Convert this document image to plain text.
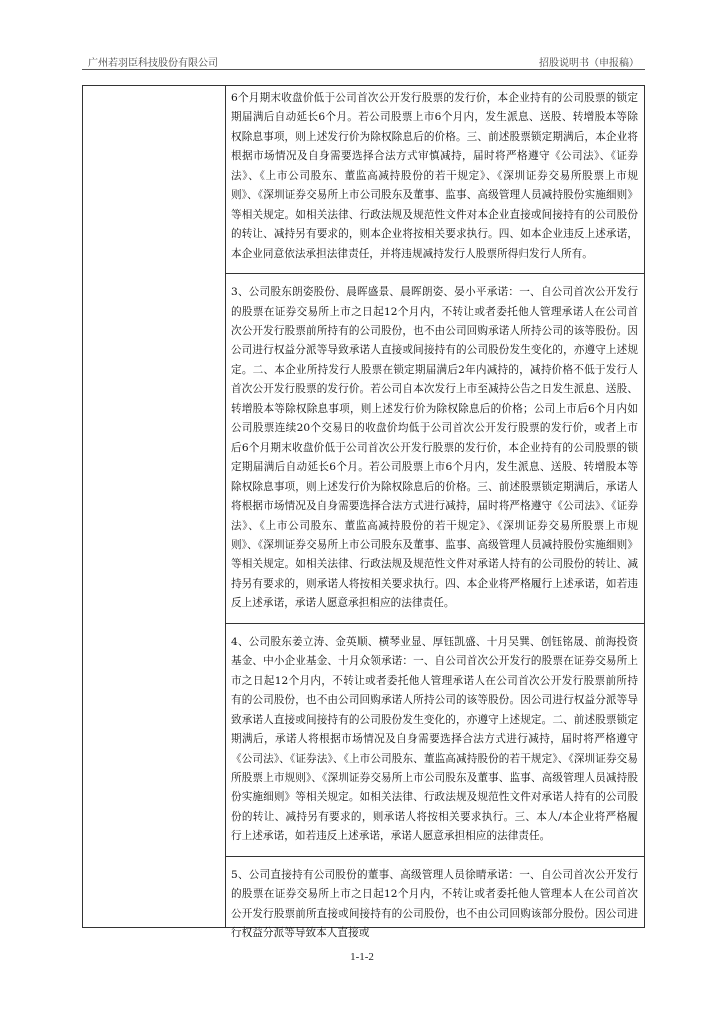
广州若羽臣科技股份有限公司	招股说明书（申报稿）

6个月期末收盘价低于公司首次公开发行股票的发行价，本企业持有的公司股票的锁定期届满后自动延长6个月。若公司股票上市6个月内，发生派息、送股、转增股本等除权除息事项，则上述发行价为除权除息后的价格。三、前述股票锁定期满后，本企业将根据市场情况及自身需要选择合法方式审慎减持，届时将严格遵守《公司法》、《证券法》、《上市公司股东、董监高减持股份的若干规定》、《深圳证券交易所股票上市规则》、《深圳证券交易所上市公司股东及董事、监事、高级管理人员减持股份实施细则》等相关规定。如相关法律、行政法规及规范性文件对本企业直接或间接持有的公司股份的转让、减持另有要求的，则本企业将按相关要求执行。四、如本企业违反上述承诺，本企业同意依法承担法律责任，并将违规减持发行人股票所得归发行人所有。

3、公司股东朗姿股份、晨晖盛景、晨晖朗姿、晏小平承诺：一、自公司首次公开发行的股票在证券交易所上市之日起12个月内，不转让或者委托他人管理承诺人在公司首次公开发行股票前所持有的公司股份，也不由公司回购承诺人所持公司的该等股份。因公司进行权益分派等导致承诺人直接或间接持有的公司股份发生变化的，亦遵守上述规定。二、本企业所持发行人股票在锁定期届满后2年内减持的，减持价格不低于发行人首次公开发行股票的发行价。若公司自本次发行上市至减持公告之日发生派息、送股、转增股本等除权除息事项，则上述发行价为除权除息后的价格；公司上市后6个月内如公司股票连续20个交易日的收盘价均低于公司首次公开发行股票的发行价，或者上市后6个月期末收盘价低于公司首次公开发行股票的发行价，本企业持有的公司股票的锁定期届满后自动延长6个月。若公司股票上市6个月内，发生派息、送股、转增股本等除权除息事项，则上述发行价为除权除息后的价格。三、前述股票锁定期满后，承诺人将根据市场情况及自身需要选择合法方式进行减持，届时将严格遵守《公司法》、《证券法》、《上市公司股东、董监高减持股份的若干规定》、《深圳证券交易所股票上市规则》、《深圳证券交易所上市公司股东及董事、监事、高级管理人员减持股份实施细则》等相关规定。如相关法律、行政法规及规范性文件对承诺人持有的公司股份的转让、减持另有要求的，则承诺人将按相关要求执行。四、本企业将严格履行上述承诺，如若违反上述承诺，承诺人愿意承担相应的法律责任。

4、公司股东姜立涛、金英顺、横琴业显、厚钰凯盛、十月吴巽、创钰铭晟、前海投资基金、中小企业基金、十月众领承诺：一、自公司首次公开发行的股票在证券交易所上市之日起12个月内，不转让或者委托他人管理承诺人在公司首次公开发行股票前所持有的公司股份，也不由公司回购承诺人所持公司的该等股份。因公司进行权益分派等导致承诺人直接或间接持有的公司股份发生变化的，亦遵守上述规定。二、前述股票锁定期满后，承诺人将根据市场情况及自身需要选择合法方式进行减持，届时将严格遵守《公司法》、《证券法》、《上市公司股东、董监高减持股份的若干规定》、《深圳证券交易所股票上市规则》、《深圳证券交易所上市公司股东及董事、监事、高级管理人员减持股份实施细则》等相关规定。如相关法律、行政法规及规范性文件对承诺人持有的公司股份的转让、减持另有要求的，则承诺人将按相关要求执行。三、本人/本企业将严格履行上述承诺，如若违反上述承诺，承诺人愿意承担相应的法律责任。

5、公司直接持有公司股份的董事、高级管理人员徐晴承诺：一、自公司首次公开发行的股票在证券交易所上市之日起12个月内，不转让或者委托他人管理本人在公司首次公开发行股票前所直接或间接持有的公司股份，也不由公司回购该部分股份。因公司进行权益分派等导致本人直接或

1-1-2
